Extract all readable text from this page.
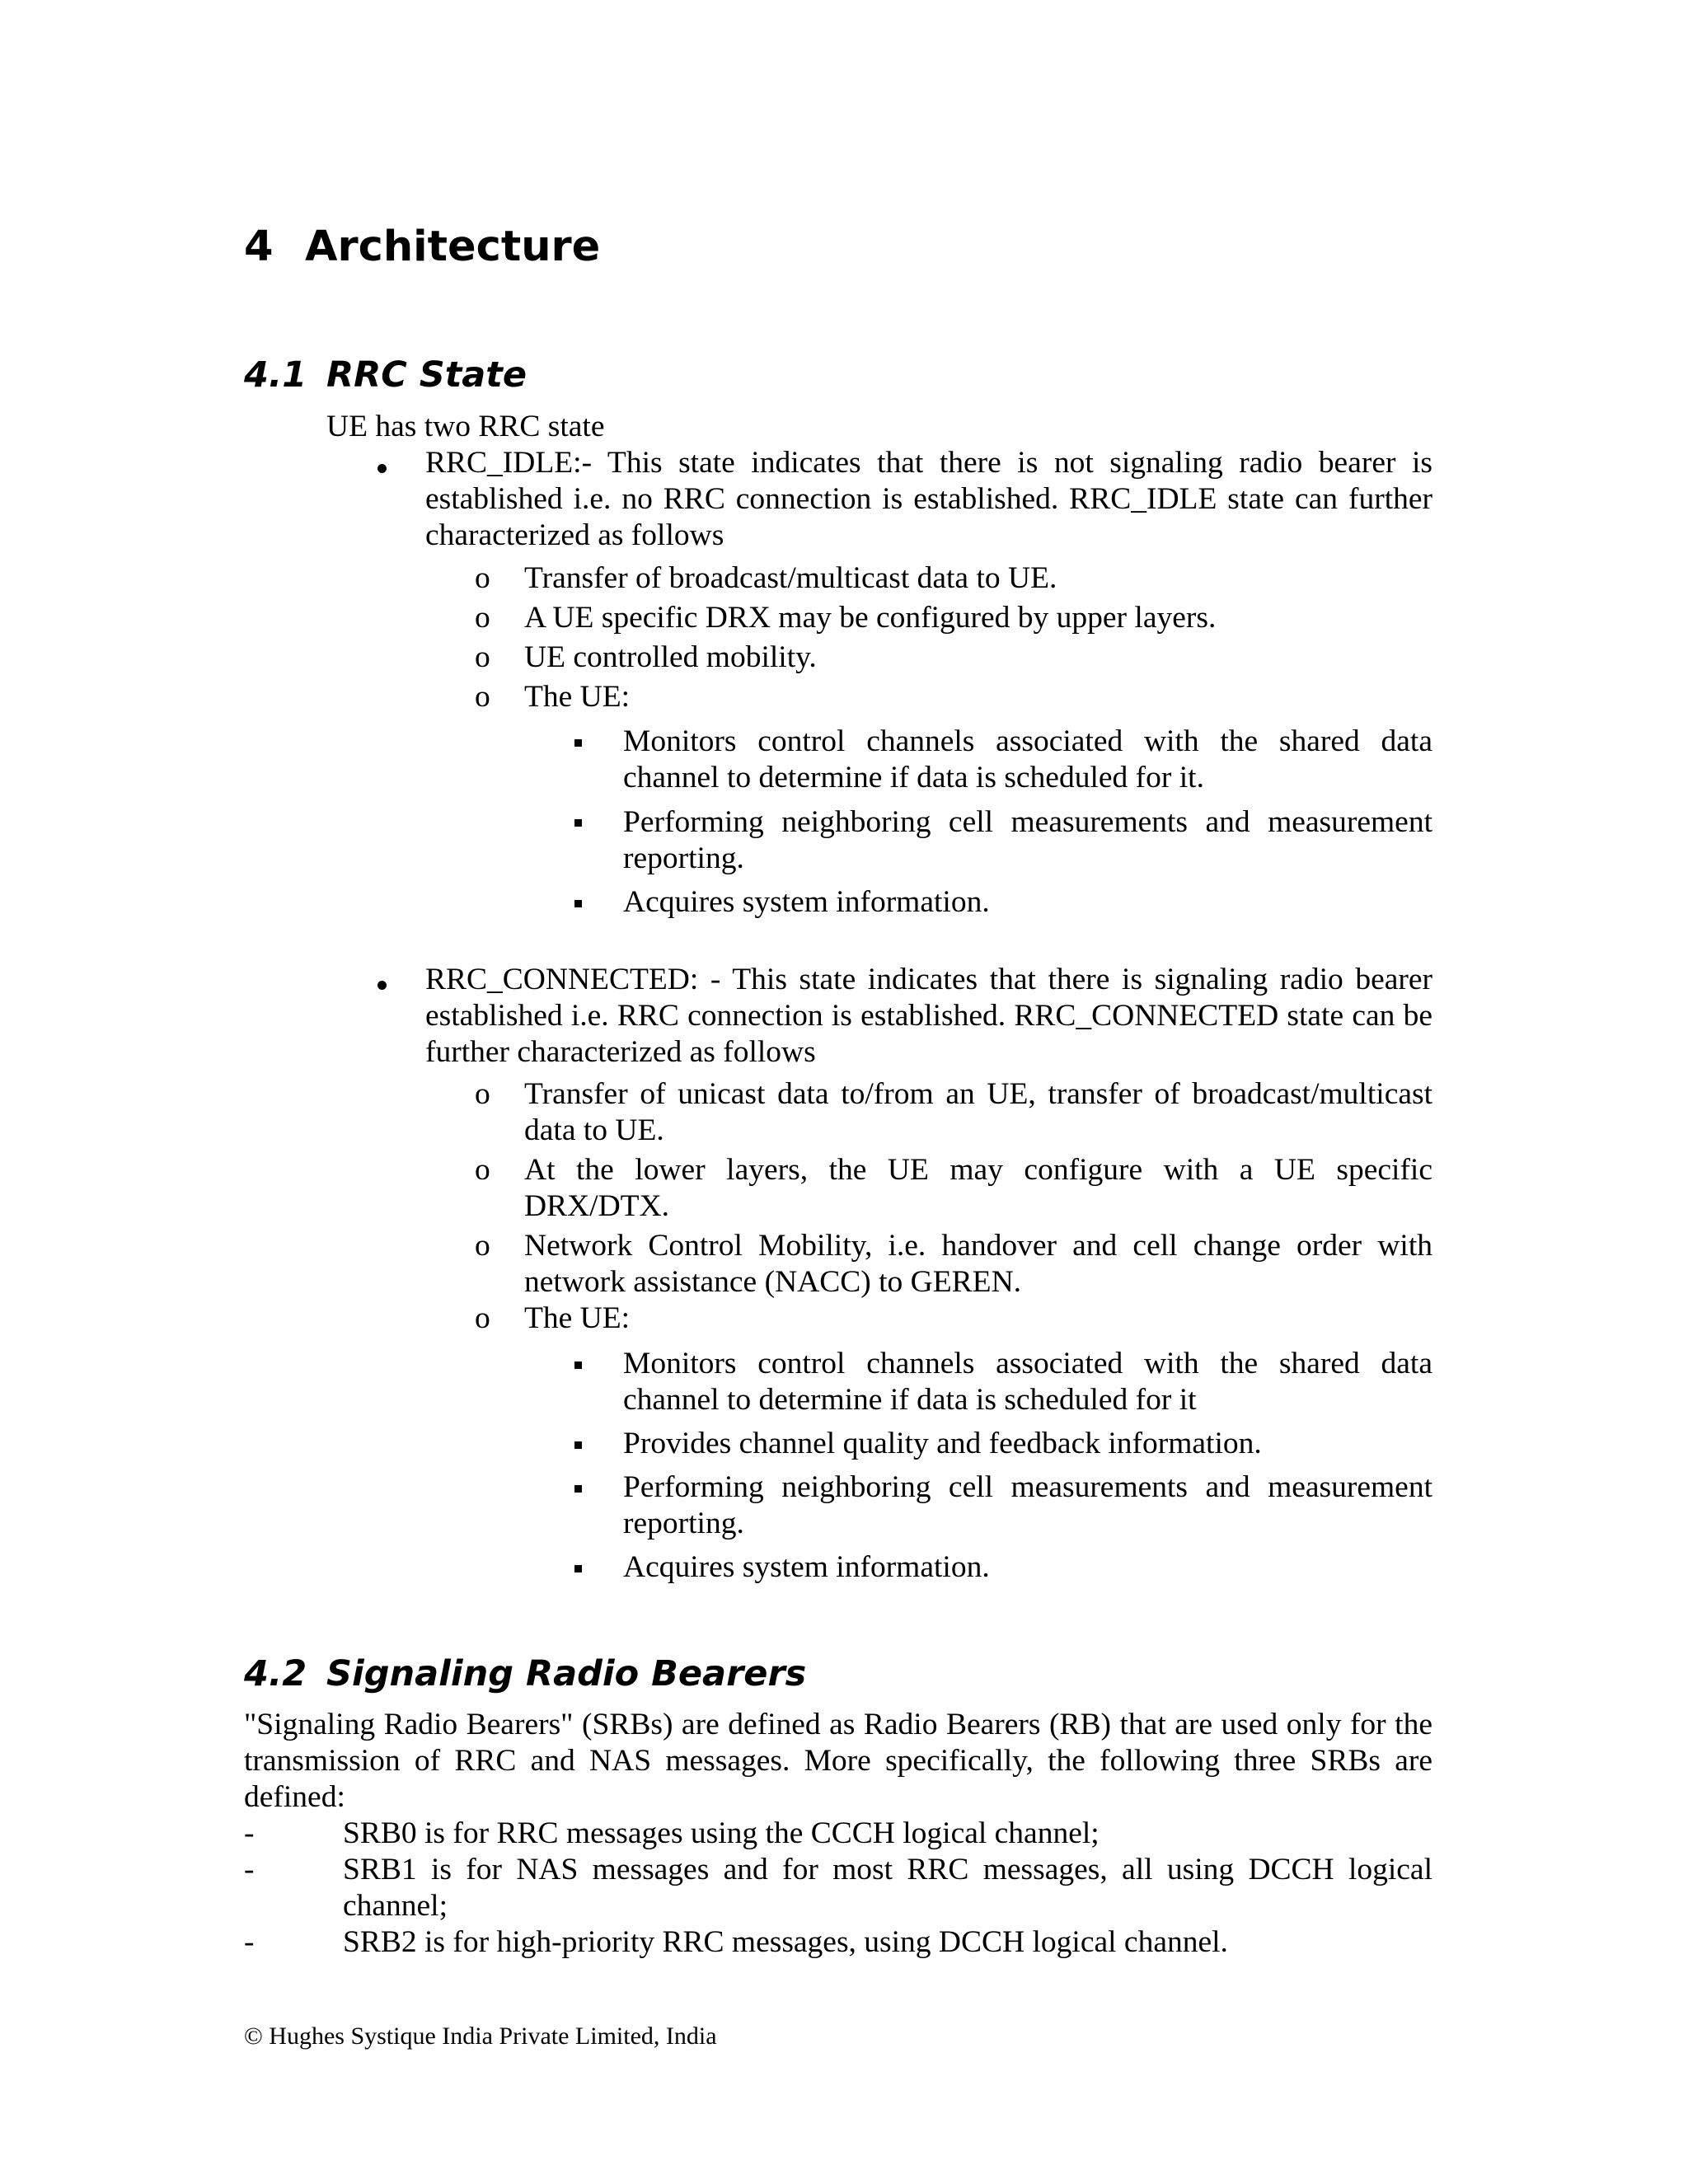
4 Architecture
4.1 RRC State

UE has two RRC state

RRC_IDLE:- This state indicates that there is not signaling radio bearer is established i.e. no RRC connection is established. RRC_IDLE state can further characterized as follows

o Transfer of broadcast/multicast data to UE.

o A UE specific DRX may be configured by upper layers.

o UE controlled mobility.

o The UE:

Monitors control channels associated with the shared data channel to determine if data is scheduled for it.

Performing neighboring cell measurements and measurement reporting.

Acquires system information.

RRC_CONNECTED: - This state indicates that there is signaling radio bearer established i.e. RRC connection is established. RRC_CONNECTED state can be further characterized as follows

o Transfer of unicast data to/from an UE, transfer of broadcast/multicast data to UE.

o At the lower layers, the UE may configure with a UE specific DRX/DTX.

o Network Control Mobility, i.e. handover and cell change order with network assistance (NACC) to GEREN.

o The UE:

Monitors control channels associated with the shared data channel to determine if data is scheduled for it

Provides channel quality and feedback information.

Performing neighboring cell measurements and measurement reporting.

Acquires system information.

4.2 Signaling Radio Bearers

"Signaling Radio Bearers" (SRBs) are defined as Radio Bearers (RB) that are used only for the transmission of RRC and NAS messages. More specifically, the following three SRBs are defined:

-	SRB0 is for RRC messages using the CCCH logical channel;

-	SRB1 is for NAS messages and for most RRC messages, all using DCCH logical channel;

-	SRB2 is for high-priority RRC messages, using DCCH logical channel.

© Hughes Systique India Private Limited, India
